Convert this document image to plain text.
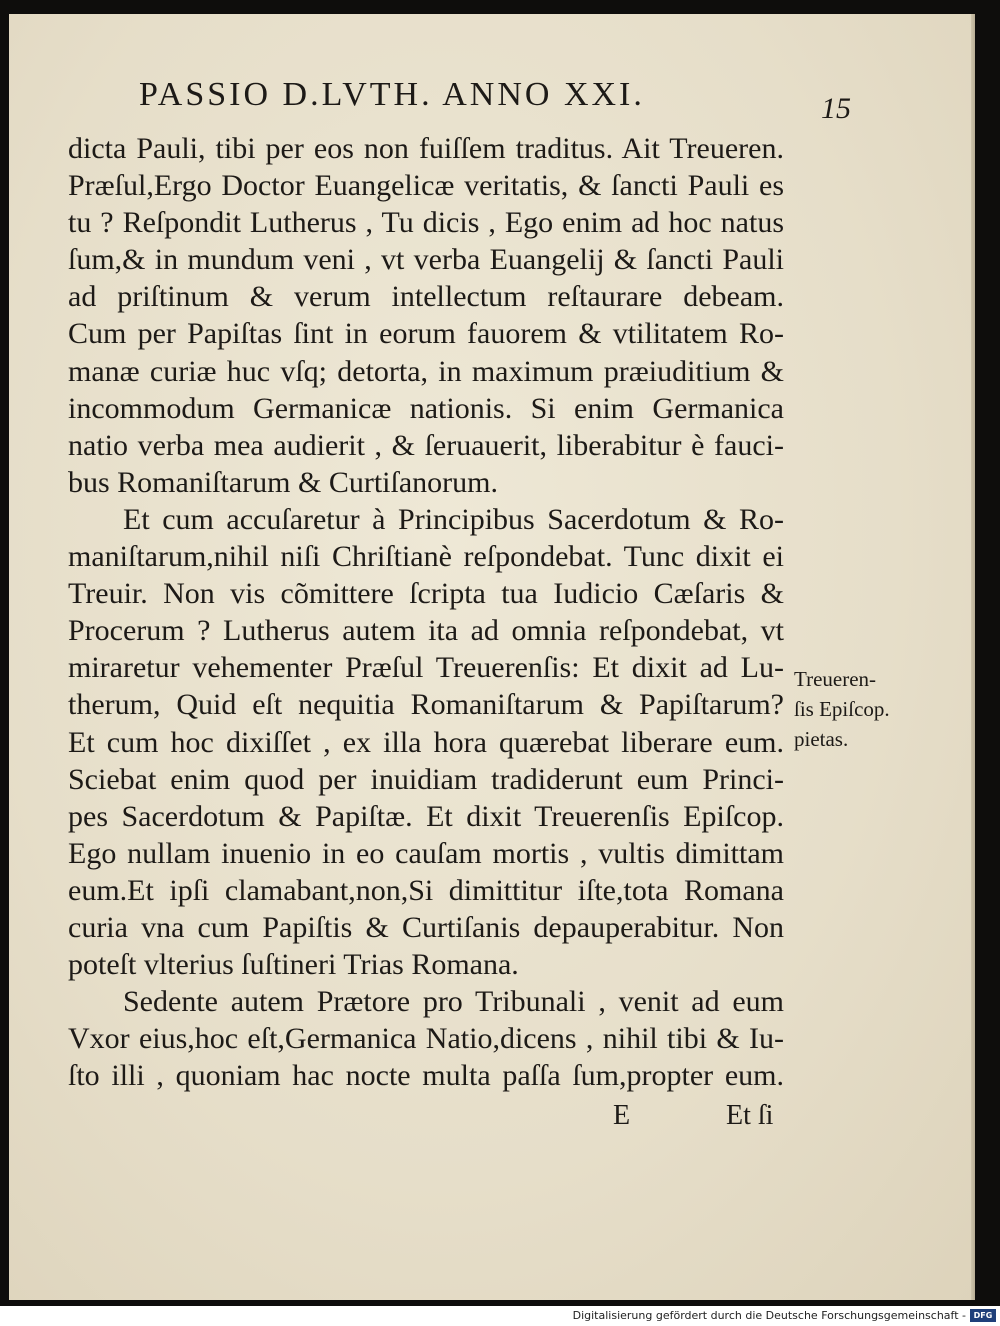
PASSIO D.LVTH. ANNO XXI.	15
dicta Pauli, tibi per eos non fuiſſem traditus. Ait Treueren.
Præſul,Ergo Doctor Euangelicæ veritatis, & ſancti Pauli es
tu ? Reſpondit Lutherus , Tu dicis , Ego enim ad hoc natus
ſum,& in mundum veni , vt verba Euangelij & ſancti Pauli
ad priſtinum & verum intellectum reſtaurare debeam.
Cum per Papiſtas ſint in eorum fauorem & vtilitatem Ro-
manæ curiæ huc vſq; detorta, in maximum præiuditium &
incommodum Germanicæ nationis. Si enim Germanica
natio verba mea audierit , & ſeruauerit, liberabitur è fauci-
bus Romaniſtarum & Curtiſanorum.
Et cum accuſaretur à Principibus Sacerdotum & Ro-
maniſtarum,nihil niſi Chriſtianè reſpondebat. Tunc dixit ei
Treuir. Non vis cõmittere ſcripta tua Iudicio Cæſaris &
Procerum ? Lutherus autem ita ad omnia reſpondebat, vt
miraretur vehementer Præſul Treuerenſis: Et dixit ad Lu-
therum, Quid eſt nequitia Romaniſtarum & Papiſtarum?
Et cum hoc dixiſſet , ex illa hora quærebat liberare eum.
Sciebat enim quod per inuidiam tradiderunt eum Princi-
pes Sacerdotum & Papiſtæ. Et dixit Treuerenſis Epiſcop.
Ego nullam inuenio in eo cauſam mortis , vultis dimittam
eum.Et ipſi clamabant,non,Si dimittitur iſte,tota Romana
curia vna cum Papiſtis & Curtiſanis depauperabitur. Non
poteſt vlterius ſuſtineri Trias Romana.
Sedente autem Prætore pro Tribunali , venit ad eum
Vxor eius,hoc eſt,Germanica Natio,dicens , nihil tibi & Iu-
ſto illi , quoniam hac nocte multa paſſa ſum,propter eum.
Treueren-
ſis Epiſcop.
pietas.
E	Et ſi
Digitalisierung gefördert durch die Deutsche Forschungsgemeinschaft - DFG
